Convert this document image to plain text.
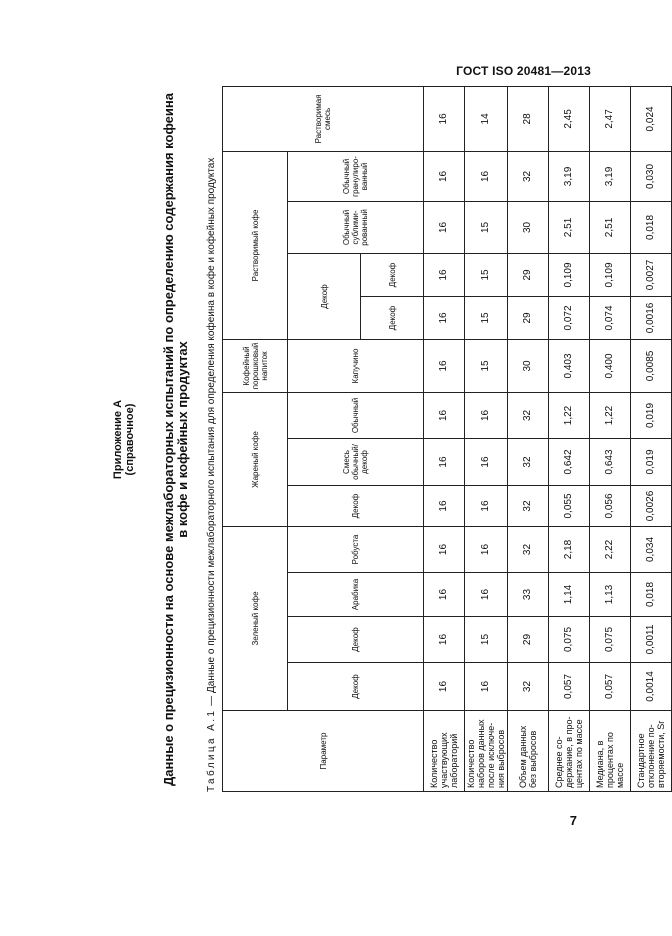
ГОСТ ISO 20481—2013
Приложение А (справочное) Данные о прецизионности на основе межлабораторных испытаний по определению содержания кофеина в кофе и кофейных продуктах
Таблица А.1 — Данные о прецизионности межлабораторного испытания для определения кофеина в кофе и кофейных продуктах
Параметр	Зеленый кофе				Жареный кофе			Кофейный порошковый напиток	Растворимый кофе				Растворимая смесь
	Декоф	Декоф	Арабика	Робуста	Декоф	Смесь обычный/ декоф	Обычный	Капучино	Декоф		Обычный сублими- рованный	Обычный гранулиро- ванный	
									Декоф	Декоф			
Количество участвующих лабораторий	16	16	16	16	16	16	16	16	16	16	16	16	16
Количество наборов данных после исключе- ния выбросов	16	15	16	16	16	16	16	15	15	15	15	16	14
Объем данных без выбросов	32	29	33	32	32	32	32	30	29	29	30	32	28
Среднее со- держание, в про- центах по массе	0,057	0,075	1,14	2,18	0,055	0,642	1,22	0,403	0,072	0,109	2,51	3,19	2,45
Медиана, в процентах по массе	0,057	0,075	1,13	2,22	0,056	0,643	1,22	0,400	0,074	0,109	2,51	3,19	2,47
Стандартное отклонение по- вторяемости, Sr	0,0014	0,0011	0,018	0,034	0,0026	0,019	0,019	0,0085	0,0016	0,0027	0,018	0,030	0,024
7
